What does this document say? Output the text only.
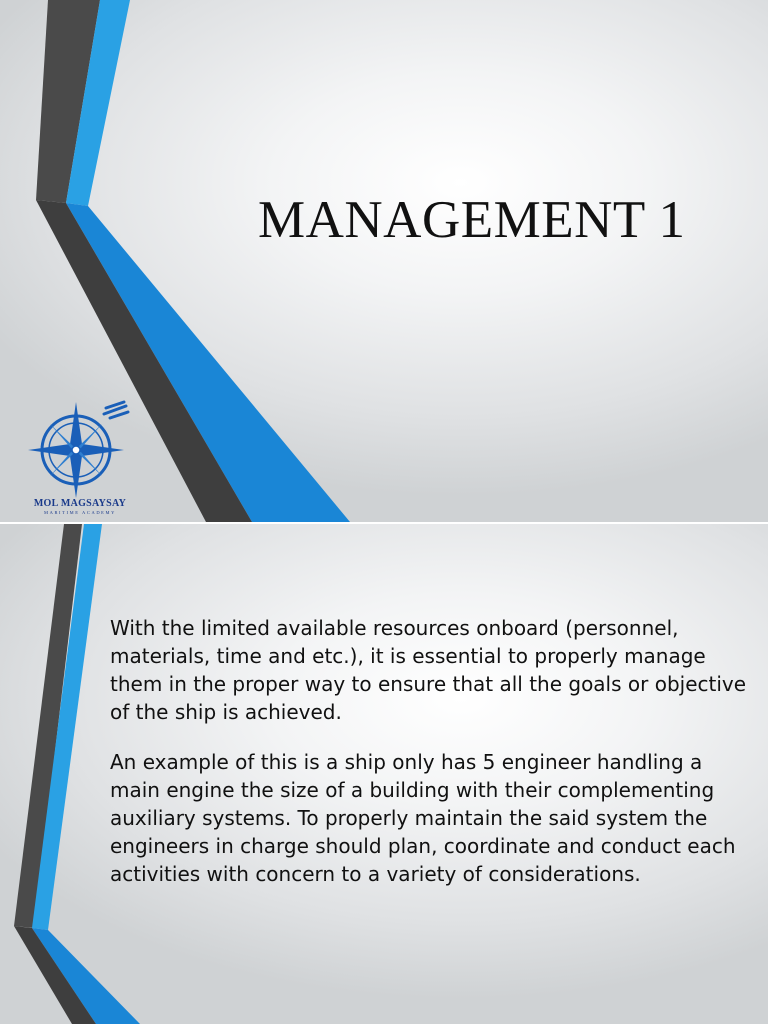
MANAGEMENT 1
MOL MAGSAYSAY
MARITIME ACADEMY

With the limited available resources onboard (personnel, materials, time and etc.), it is essential to properly manage them in the proper way to ensure that all the goals or objective of the ship is achieved.

An example of this is a ship only has 5 engineer handling a main engine the size of a building with their complementing auxiliary systems. To properly maintain the said system the engineers in charge should plan, coordinate and conduct each activities with concern to a variety of considerations.
